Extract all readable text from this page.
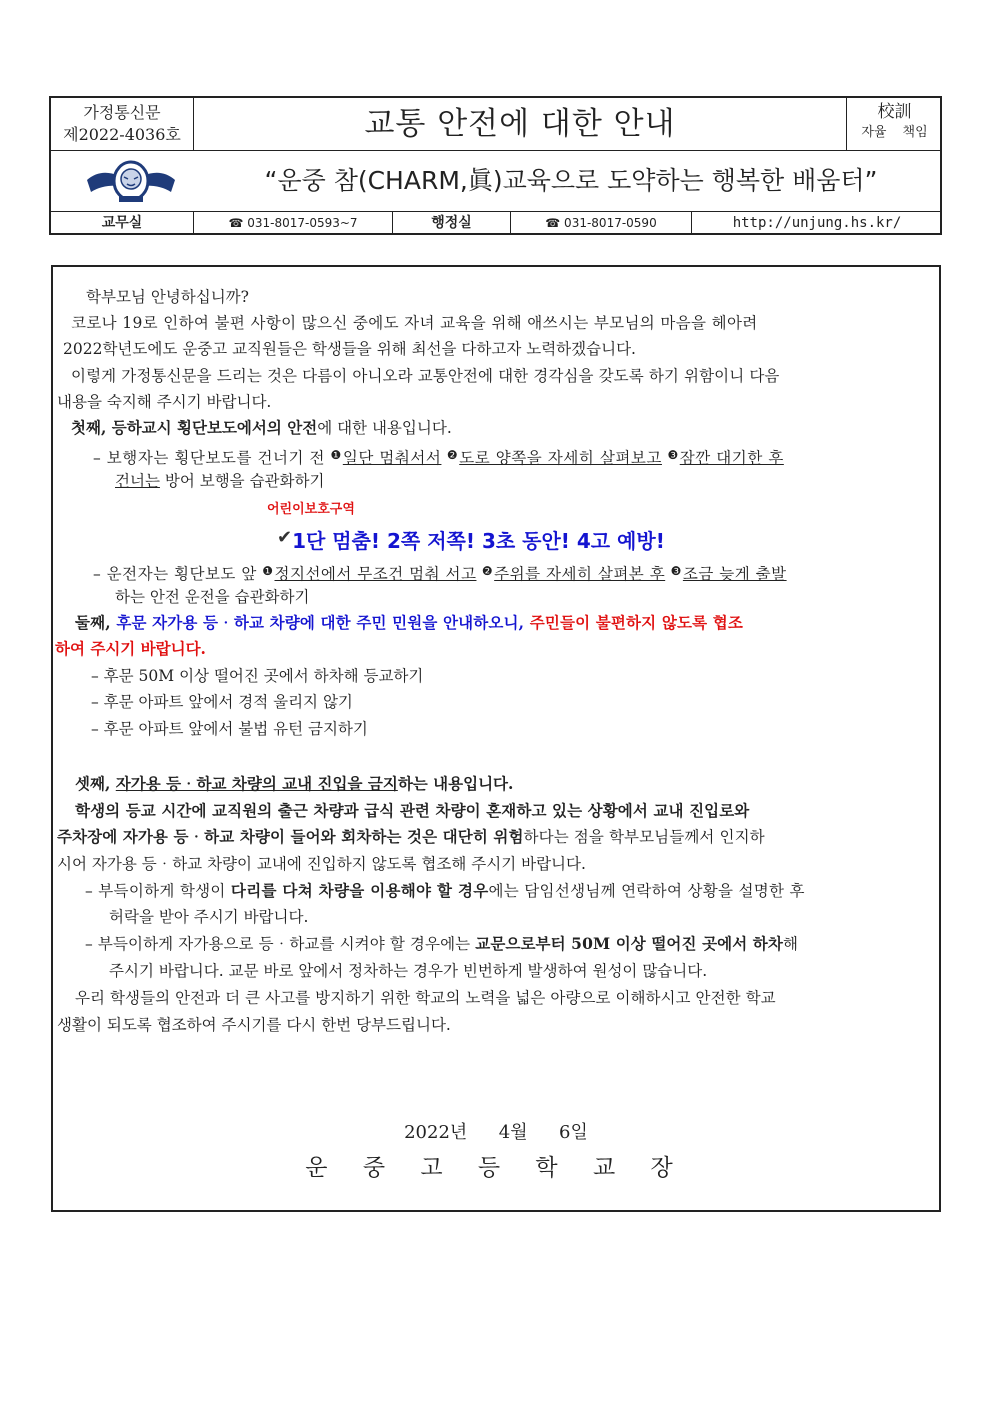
가정통신문
제2022-4036호	교통 안전에 대한 안내	校訓
자율 책임
“운중 참(CHARM,眞)교육으로 도약하는 행복한 배움터”
교무실	☎ 031-8017-0593~7	행정실	☎ 031-8017-0590	http://unjung.hs.kr/
학부모님 안녕하십니까?
코로나 19로 인하여 불편 사항이 많으신 중에도 자녀 교육을 위해 애쓰시는 부모님의 마음을 헤아려
2022학년도에도 운중고 교직원들은 학생들을 위해 최선을 다하고자 노력하겠습니다.
이렇게 가정통신문을 드리는 것은 다름이 아니오라 교통안전에 대한 경각심을 갖도록 하기 위함이니 다음
내용을 숙지해 주시기 바랍니다.
첫째, 등하교시 횡단보도에서의 안전에 대한 내용입니다.
– 보행자는 횡단보도를 건너기 전 $^❶$일단 멈춰서서 $^❷$도로 양쪽을 자세히 살펴보고 $^❸$잠깐 대기한 후
건너는 방어 보행을 습관화하기
어린이보호구역
✔1단 멈춤! 2쪽 저쪽! 3초 동안! 4고 예방!
– 운전자는 횡단보도 앞 $^❶$정지선에서 무조건 멈춰 서고 $^❷$주위를 자세히 살펴본 후 $^❸$조금 늦게 출발
하는 안전 운전을 습관화하기
둘째, 후문 자가용 등‧하교 차량에 대한 주민 민원을 안내하오니, 주민들이 불편하지 않도록 협조
하여 주시기 바랍니다.
– 후문 50M 이상 떨어진 곳에서 하차해 등교하기
– 후문 아파트 앞에서 경적 울리지 않기
– 후문 아파트 앞에서 불법 유턴 금지하기
셋째, 자가용 등‧하교 차량의 교내 진입을 금지하는 내용입니다.
학생의 등교 시간에 교직원의 출근 차량과 급식 관련 차량이 혼재하고 있는 상황에서 교내 진입로와
주차장에 자가용 등‧하교 차량이 들어와 회차하는 것은 대단히 위험하다는 점을 학부모님들께서 인지하
시어 자가용 등‧하교 차량이 교내에 진입하지 않도록 협조해 주시기 바랍니다.
– 부득이하게 학생이 다리를 다쳐 차량을 이용해야 할 경우에는 담임선생님께 연락하여 상황을 설명한 후
허락을 받아 주시기 바랍니다.
– 부득이하게 자가용으로 등‧하교를 시켜야 할 경우에는 교문으로부터 50M 이상 떨어진 곳에서 하차해
주시기 바랍니다. 교문 바로 앞에서 정차하는 경우가 빈번하게 발생하여 원성이 많습니다.
우리 학생들의 안전과 더 큰 사고를 방지하기 위한 학교의 노력을 넓은 아량으로 이해하시고 안전한 학교
생활이 되도록 협조하여 주시기를 다시 한번 당부드립니다.
2022년  4월  6일
운 중 고 등 학 교 장
